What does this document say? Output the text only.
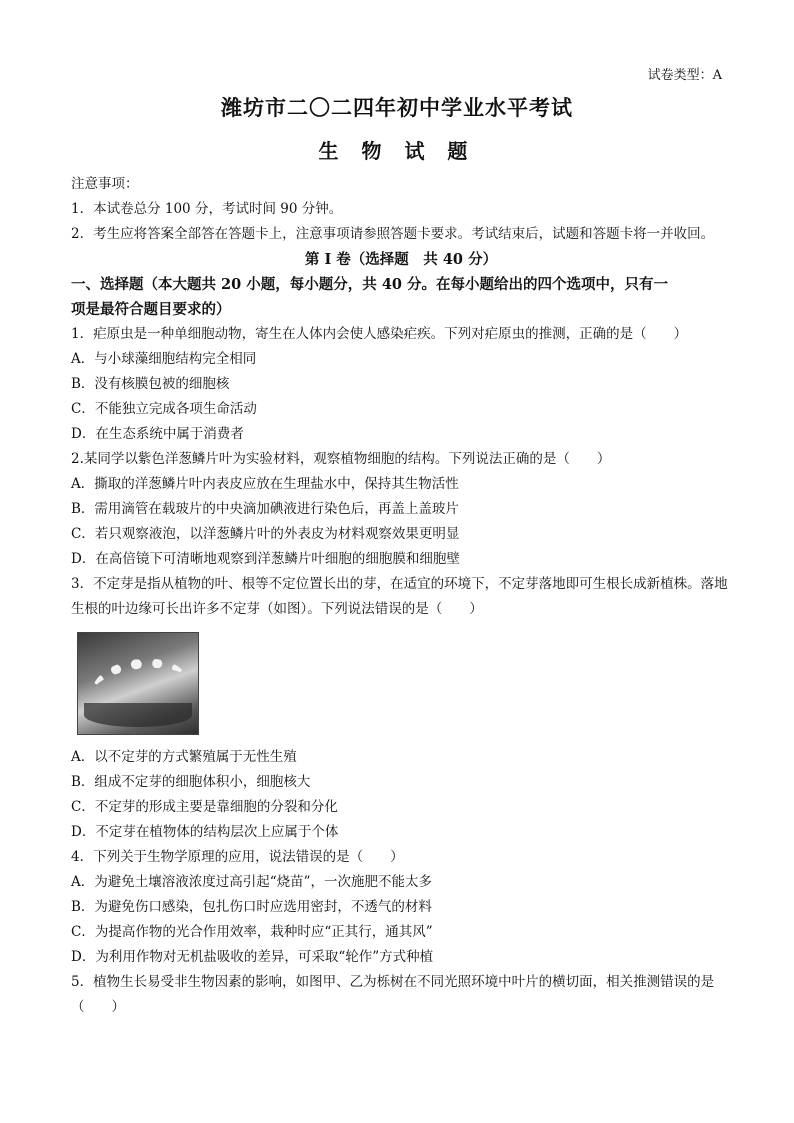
试卷类型：A
潍坊市二〇二四年初中学业水平考试
生 物 试 题
注意事项：
1．本试卷总分 100 分，考试时间 90 分钟。
2．考生应将答案全部答在答题卡上，注意事项请参照答题卡要求。考试结束后，试题和答题卡将一并收回。
第 I 卷（选择题　共 40 分）
一、选择题（本大题共 20 小题，每小题分，共 40 分。在每小题给出的四个选项中，只有一
项是最符合题目要求的）
1．疟原虫是一种单细胞动物，寄生在人体内会使人感染疟疾。下列对疟原虫的推测，正确的是（　　）
A．与小球藻细胞结构完全相同
B．没有核膜包被的细胞核
C．不能独立完成各项生命活动
D．在生态系统中属于消费者
2.某同学以紫色洋葱鳞片叶为实验材料，观察植物细胞的结构。下列说法正确的是（　　）
A．撕取的洋葱鳞片叶内表皮应放在生理盐水中，保持其生物活性
B．需用滴管在载玻片的中央滴加碘液进行染色后，再盖上盖玻片
C．若只观察液泡，以洋葱鳞片叶的外表皮为材料观察效果更明显
D．在高倍镜下可清晰地观察到洋葱鳞片叶细胞的细胞膜和细胞壁
3．不定芽是指从植物的叶、根等不定位置长出的芽，在适宜的环境下，不定芽落地即可生根长成新植株。落地生根的叶边缘可长出许多不定芽（如图）。下列说法错误的是（　　）
A．以不定芽的方式繁殖属于无性生殖
B．组成不定芽的细胞体积小，细胞核大
C．不定芽的形成主要是靠细胞的分裂和分化
D．不定芽在植物体的结构层次上应属于个体
4．下列关于生物学原理的应用，说法错误的是（　　）
A．为避免土壤溶液浓度过高引起“烧苗”，一次施肥不能太多
B．为避免伤口感染，包扎伤口时应选用密封，不透气的材料
C．为提高作物的光合作用效率，栽种时应“正其行，通其风”
D．为利用作物对无机盐吸收的差异，可采取“轮作”方式种植
5．植物生长易受非生物因素的影响，如图甲、乙为栎树在不同光照环境中叶片的横切面，相关推测错误的是（　　）
